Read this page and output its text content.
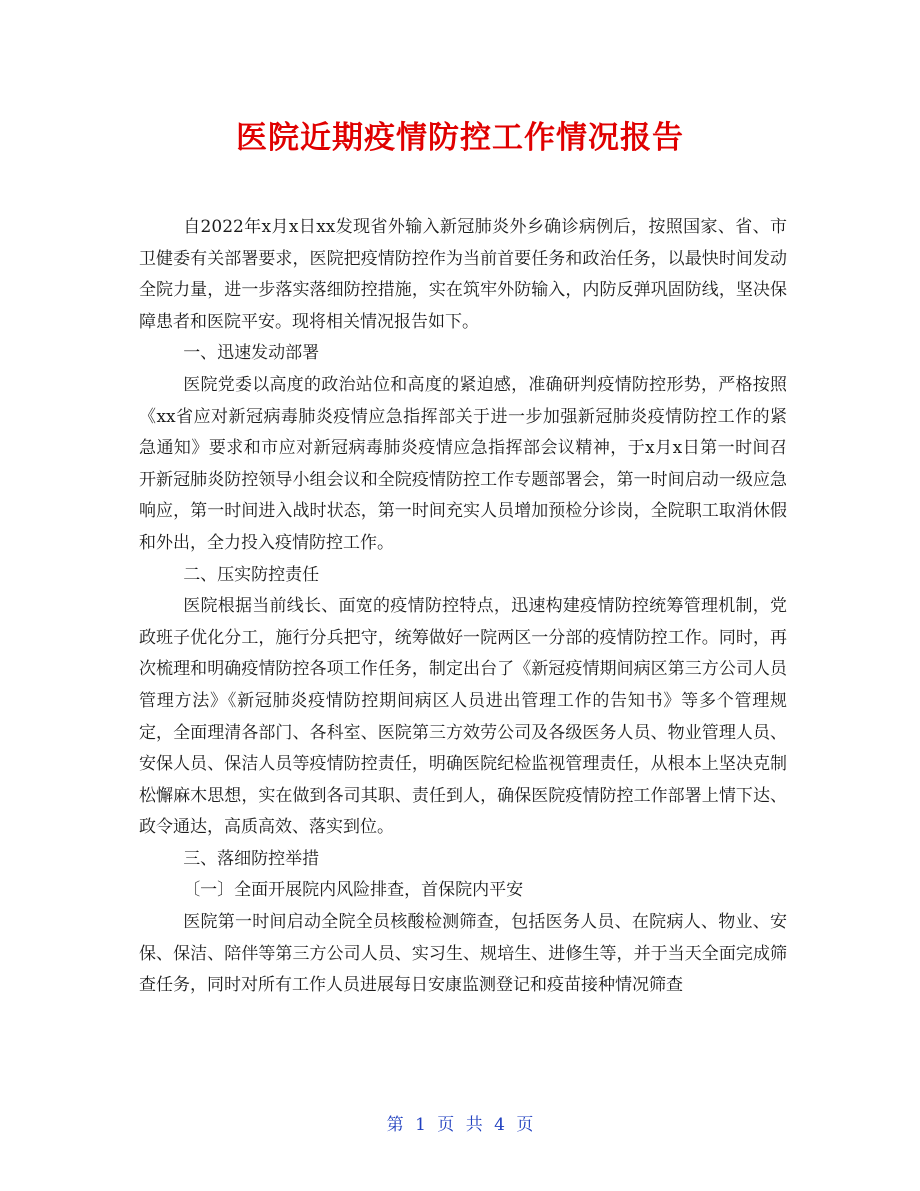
医院近期疫情防控工作情况报告

自2022年x月x日xx发现省外输入新冠肺炎外乡确诊病例后，按照国家、省、市卫健委有关部署要求，医院把疫情防控作为当前首要任务和政治任务，以最快时间发动全院力量，进一步落实落细防控措施，实在筑牢外防输入，内防反弹巩固防线，坚决保障患者和医院平安。现将相关情况报告如下。

一、迅速发动部署

医院党委以高度的政治站位和高度的紧迫感，准确研判疫情防控形势，严格按照《xx省应对新冠病毒肺炎疫情应急指挥部关于进一步加强新冠肺炎疫情防控工作的紧急通知》要求和市应对新冠病毒肺炎疫情应急指挥部会议精神，于x月x日第一时间召开新冠肺炎防控领导小组会议和全院疫情防控工作专题部署会，第一时间启动一级应急响应，第一时间进入战时状态，第一时间充实人员增加预检分诊岗，全院职工取消休假和外出，全力投入疫情防控工作。

二、压实防控责任

医院根据当前线长、面宽的疫情防控特点，迅速构建疫情防控统筹管理机制，党政班子优化分工，施行分兵把守，统筹做好一院两区一分部的疫情防控工作。同时，再次梳理和明确疫情防控各项工作任务，制定出台了《新冠疫情期间病区第三方公司人员管理方法》《新冠肺炎疫情防控期间病区人员进出管理工作的告知书》等多个管理规定，全面理清各部门、各科室、医院第三方效劳公司及各级医务人员、物业管理人员、安保人员、保洁人员等疫情防控责任，明确医院纪检监视管理责任，从根本上坚决克制松懈麻木思想，实在做到各司其职、责任到人，确保医院疫情防控工作部署上情下达、政令通达，高质高效、落实到位。

三、落细防控举措

〔一〕全面开展院内风险排查，首保院内平安

医院第一时间启动全院全员核酸检测筛查，包括医务人员、在院病人、物业、安保、保洁、陪伴等第三方公司人员、实习生、规培生、进修生等，并于当天全面完成筛查任务，同时对所有工作人员进展每日安康监测登记和疫苗接种情况筛查

第 1 页 共 4 页
